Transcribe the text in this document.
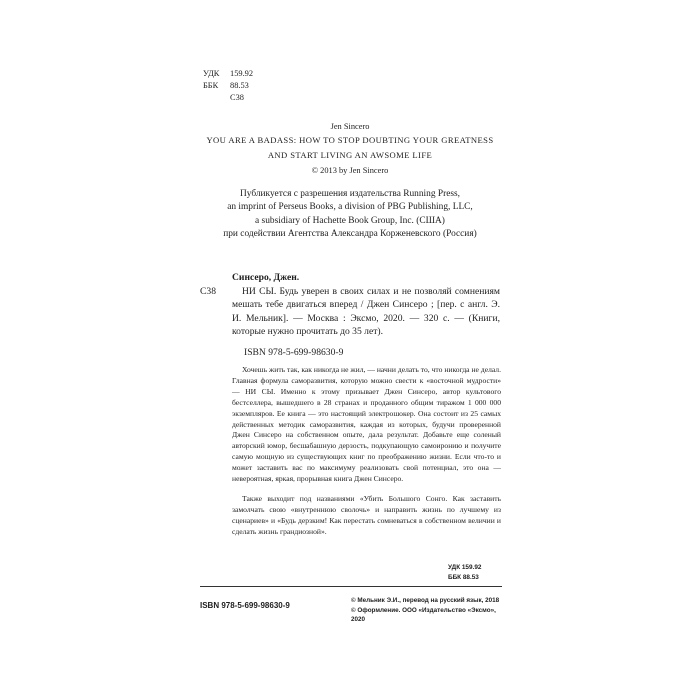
УДК	159.92
ББК	88.53
С38
Jen Sincero
YOU ARE A BADASS: HOW TO STOP DOUBTING YOUR GREATNESS
AND START LIVING AN AWSOME LIFE
© 2013 by Jen Sincero
Публикуется с разрешения издательства Running Press,
an imprint of Perseus Books, a division of PBG Publishing, LLC,
a subsidiary of Hachette Book Group, Inc. (США)
при содействии Агентства Александра Корженевского (Россия)
Синсеро, Джен.
С38	НИ СЫ. Будь уверен в своих силах и не позволяй сомнениям мешать тебе двигаться вперед / Джен Синсеро ; [пер. с англ. Э. И. Мельник]. — Москва : Эксмо, 2020. — 320 с. — (Книги, которые нужно прочитать до 35 лет).
ISBN 978-5-699-98630-9

Хочешь жить так, как никогда не жил, — начни делать то, что никогда не делал. Главная формула саморазвития, которую можно свести к «восточной мудрости» — НИ СЫ. Именно к этому призывает Джен Синсеро, автор культового бестселлера, вышедшего в 28 странах и проданного общим тиражом 1 000 000 экземпляров. Ее книга — это настоящий электрошокер. Она состоит из 25 самых действенных методик саморазвития, каждая из которых, будучи проверенной Джен Синсеро на собственном опыте, дала результат. Добавьте еще соленый авторский юмор, бесшабашную дерзость, подкупающую самоиронию и получите самую мощную из существующих книг по преображению жизни. Если что-то и может заставить вас по максимуму реализовать свой потенциал, это она — невероятная, яркая, прорывная книга Джен Синсеро.

Также выходит под названиями «Убить Большого Сонго. Как заставить замолчать свою «внутреннюю сволочь» и направить жизнь по лучшему из сценариев» и «Будь дерзким! Как перестать сомневаться в собственном величии и сделать жизнь грандиозной».

УДК 159.92
ББК 88.53
ISBN 978-5-699-98630-9
© Мельник Э.И., перевод на русский язык, 2018
© Оформление. ООО «Издательство «Эксмо», 2020
